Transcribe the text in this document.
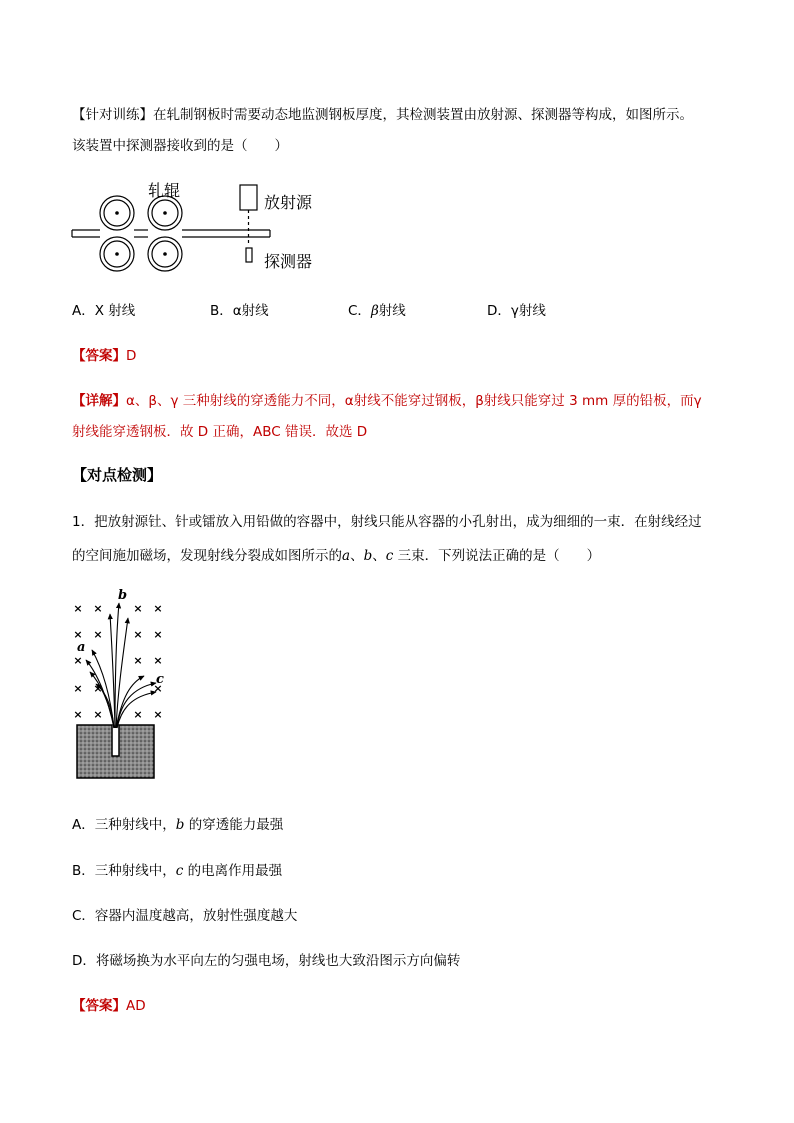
【针对训练】在轧制钢板时需要动态地监测钢板厚度，其检测装置由放射源、探测器等构成，如图所示。
该装置中探测器接收到的是（　　）
轧辊
放射源
探测器
A．X 射线	B．α射线	C．β射线	D．γ射线
【答案】D
【详解】α、β、γ 三种射线的穿透能力不同，α射线不能穿过钢板，β射线只能穿过 3 mm 厚的铅板，而γ
射线能穿透钢板．故 D 正确，ABC 错误．故选 D
【对点检测】
1．把放射源钍、针或镭放入用铅做的容器中，射线只能从容器的小孔射出，成为细细的一束．在射线经过
的空间施加磁场，发现射线分裂成如图所示的a、b、c 三束．下列说法正确的是（　　）
× ×	× ×
× ×	× ×
×	× ×
× ×	×
× ×	× ×
b
a
c
A．三种射线中，b 的穿透能力最强
B．三种射线中，c 的电离作用最强
C．容器内温度越高，放射性强度越大
D．将磁场换为水平向左的匀强电场，射线也大致沿图示方向偏转
【答案】AD
